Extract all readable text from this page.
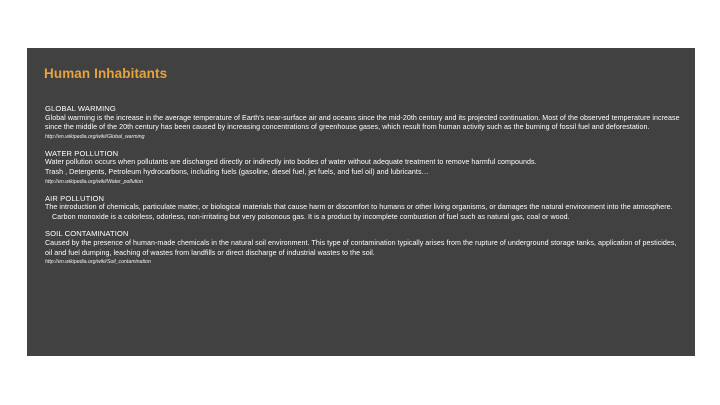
Human Inhabitants
GLOBAL WARMING
Global warming is the increase in the average temperature of Earth's near-surface air and oceans since the mid-20th century and its projected continuation. Most of the observed temperature increase since the middle of the 20th century has been caused by increasing concentrations of greenhouse gases, which result from human activity such as the burning of fossil fuel and deforestation.
http://en.wikipedia.org/wiki/Global_warming
WATER POLLUTION
Water pollution occurs when pollutants are discharged directly or indirectly into bodies of water without adequate treatment to remove harmful compounds.
Trash , Detergents, Petroleum hydrocarbons, including fuels (gasoline, diesel fuel, jet fuels, and fuel oil) and lubricants…
http://en.wikipedia.org/wiki/Water_pollution
AIR POLLUTION
The introduction of chemicals, particulate matter, or biological materials that cause harm or discomfort to humans or other living organisms, or damages the natural environment into the atmosphere.
Carbon monoxide is a colorless, odorless, non-irritating but very poisonous gas. It is a product by incomplete combustion of fuel such as natural gas, coal or wood.
SOIL CONTAMINATION
Caused by the presence of human-made chemicals in the natural soil environment. This type of contamination typically arises from the rupture of underground storage tanks, application of pesticides, oil and fuel dumping, leaching of wastes from landfills or direct discharge of industrial wastes to the soil.
http://en.wikipedia.org/wiki/Soil_contamination
